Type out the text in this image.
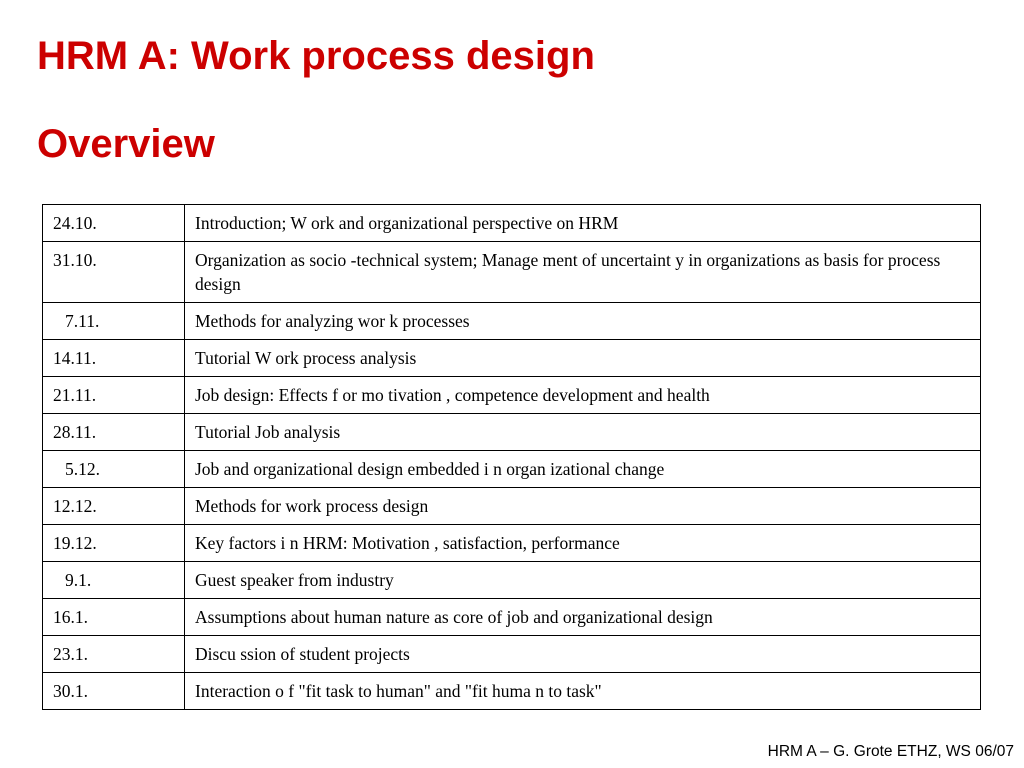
HRM A: Work process design
Overview
24.10.	Introduction; W ork and organizational perspective on HRM
31.10.	Organization as socio -technical system; Manage ment of uncertaint y in organizations as basis for process design
7.11.	Methods for analyzing wor k processes
14.11.	Tutorial W ork process analysis
21.11.	Job design: Effects f or mo tivation , competence development and health
28.11.	Tutorial Job analysis
5.12.	Job and organizational design embedded i n organ izational change
12.12.	Methods for work process design
19.12.	Key factors i n HRM: Motivation , satisfaction, performance
9.1.	Guest speaker from industry
16.1.	Assumptions about human nature as core of job and organizational design
23.1.	Discu ssion of student projects
30.1.	Interaction o f "fit task to human" and "fit huma n to task"
HRM A – G. Grote ETHZ, WS 06/07
